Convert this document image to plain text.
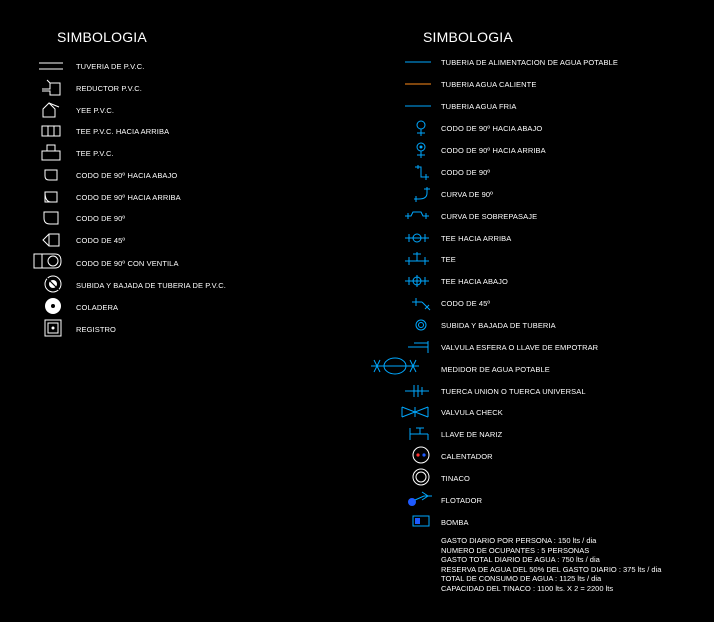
SIMBOLOGIA
TUVERIA DE P.V.C.
REDUCTOR P.V.C.
YEE P.V.C.
TEE P.V.C. HACIA ARRIBA
TEE P.V.C.
CODO DE 90º HACIA ABAJO
CODO DE 90º HACIA ARRIBA
CODO DE 90º
CODO DE 45º
CODO DE 90º CON VENTILA
SUBIDA Y BAJADA DE TUBERIA DE P.V.C.
COLADERA
REGISTRO
SIMBOLOGIA
TUBERIA DE ALIMENTACION DE AGUA POTABLE
TUBERIA AGUA CALIENTE
TUBERIA AGUA FRIA
CODO DE 90º HACIA ABAJO
CODO DE 90º HACIA ARRIBA
CODO DE 90º
CURVA DE 90º
CURVA DE SOBREPASAJE
TEE HACIA ARRIBA
TEE
TEE HACIA ABAJO
CODO DE 45º
SUBIDA Y BAJADA DE TUBERIA
VALVULA ESFERA O LLAVE DE EMPOTRAR
MEDIDOR DE AGUA POTABLE
TUERCA UNION O TUERCA UNIVERSAL
VALVULA CHECK
LLAVE DE NARIZ
CALENTADOR
TINACO
FLOTADOR
BOMBA
GASTO DIARIO POR PERSONA : 150 lts / dia
NUMERO DE OCUPANTES : 5 PERSONAS
GASTO TOTAL DIARIO DE AGUA : 750 lts / dia
RESERVA DE AGUA DEL 50% DEL GASTO DIARIO : 375 lts / dia
TOTAL DE CONSUMO DE AGUA : 1125 lts / dia
CAPACIDAD DEL TINACO : 1100 lts. X 2 = 2200 lts
